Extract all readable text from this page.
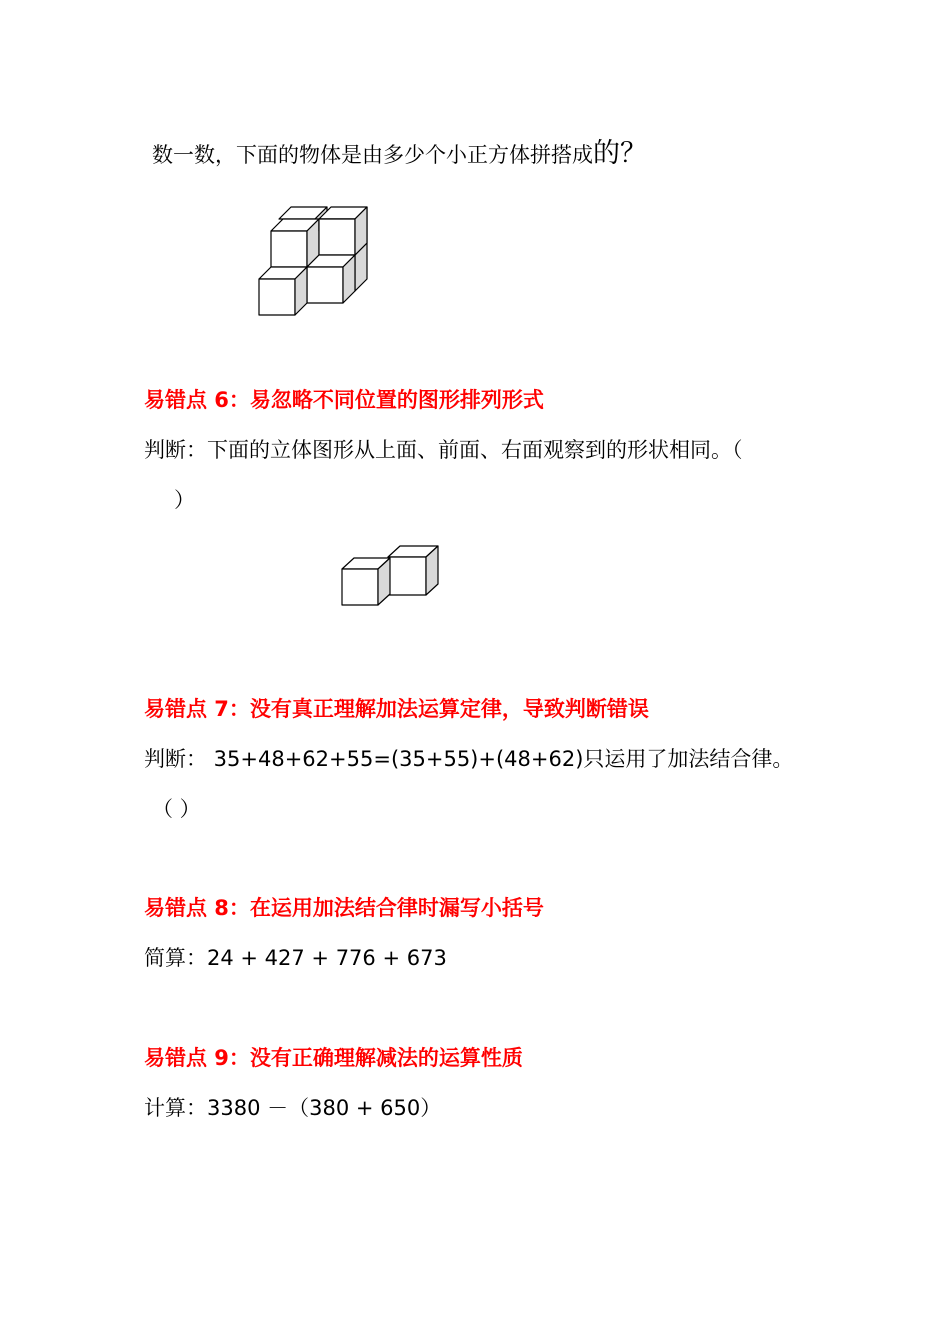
数一数，下面的物体是由多少个小正方体拼搭成的？
易错点 6：易忽略不同位置的图形排列形式
判断：下面的立体图形从上面、前面、右面观察到的形状相同。（
）
易错点 7：没有真正理解加法运算定律，导致判断错误
判断： 35+48+62+55=(35+55)+(48+62)只运用了加法结合律。
（ ）
易错点 8：在运用加法结合律时漏写小括号
简算：24 + 427 + 776 + 673
易错点 9：没有正确理解减法的运算性质
计算：3380 －（380 + 650）
